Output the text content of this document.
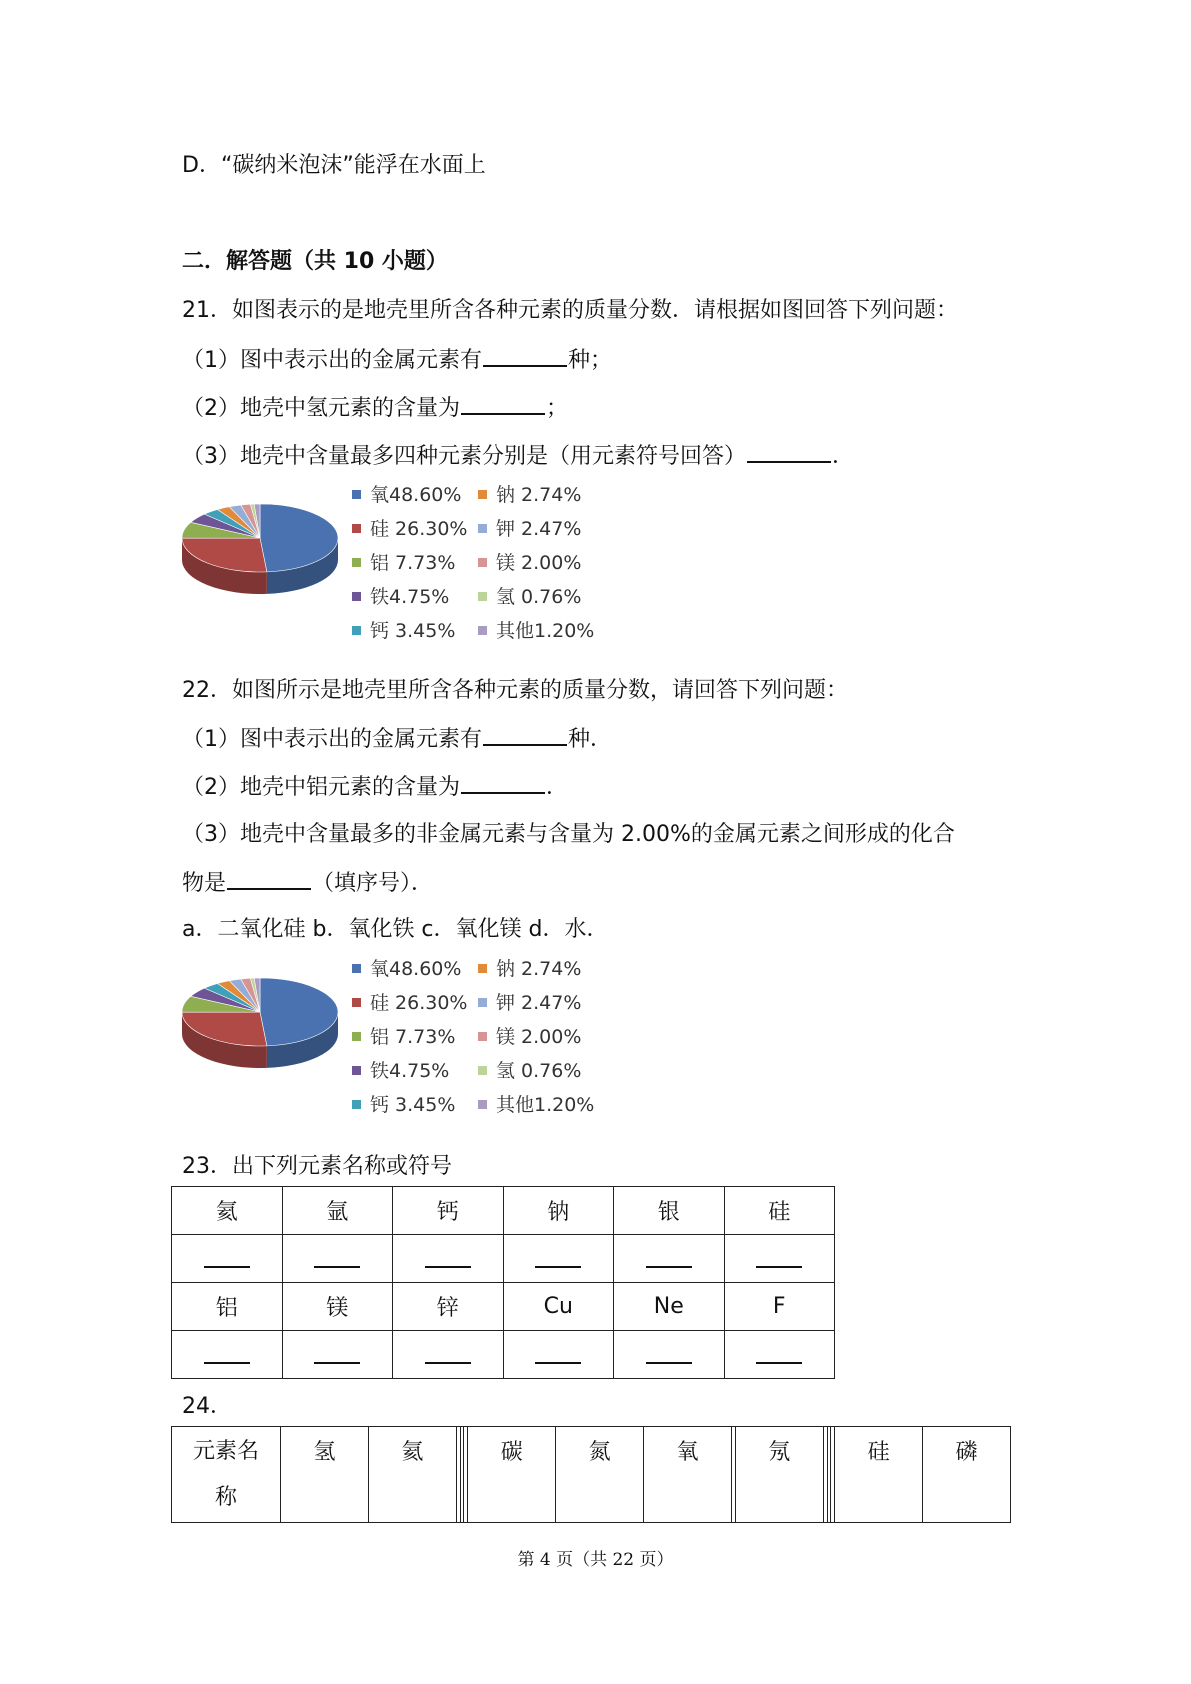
D．“碳纳米泡沫”能浮在水面上
二．解答题（共 10 小题）
21．如图表示的是地壳里所含各种元素的质量分数．请根据如图回答下列问题：
（1）图中表示出的金属元素有	种；
（2）地壳中氢元素的含量为	；
（3）地壳中含量最多四种元素分别是（用元素符号回答）	．
氧48.60%
硅 26.30%
铝 7.73%
铁4.75%
钙 3.45%
钠 2.74%
钾 2.47%
镁 2.00%
氢 0.76%
其他1.20%
22．如图所示是地壳里所含各种元素的质量分数，请回答下列问题：
（1）图中表示出的金属元素有	种．
（2）地壳中铝元素的含量为	．
（3）地壳中含量最多的非金属元素与含量为 2.00%的金属元素之间形成的化合
物是	（填序号）．
a．二氧化硅 b．氧化铁 c．氧化镁 d．水．
氧48.60%
硅 26.30%
铝 7.73%
铁4.75%
钙 3.45%
钠 2.74%
钾 2.47%
镁 2.00%
氢 0.76%
其他1.20%
23．出下列元素名称或符号
氦	氩	钙	钠	银	硅

铝	镁	锌	Cu	Ne	F

24．
元素名
称	氢	氦				碳	氮	氧		氖				硅	磷
第 4 页（共 22 页）
